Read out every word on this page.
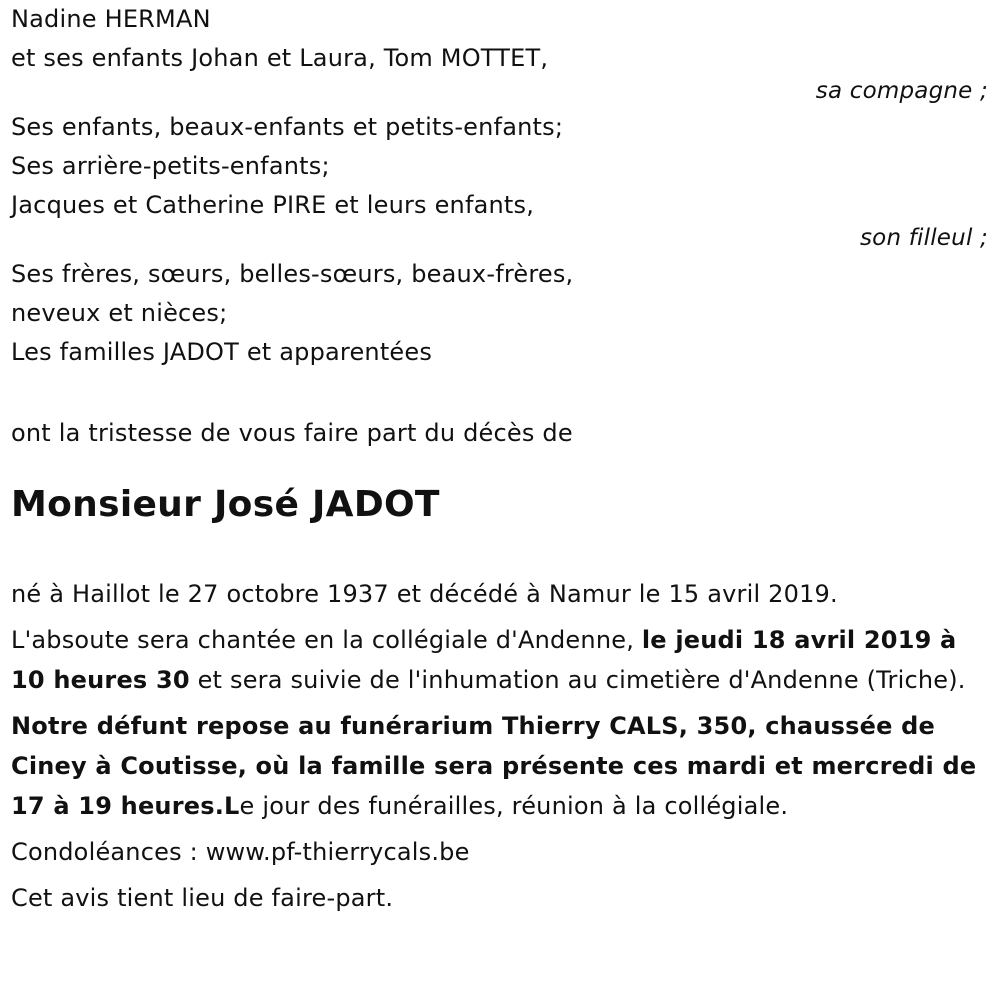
Nadine HERMAN
et ses enfants Johan et Laura, Tom MOTTET,
sa compagne ;
Ses enfants, beaux-enfants et petits-enfants;
Ses arrière-petits-enfants;
Jacques et Catherine PIRE et leurs enfants,
son filleul ;
Ses frères, sœurs, belles-sœurs, beaux-frères,
neveux et nièces;
Les familles JADOT et apparentées
ont la tristesse de vous faire part du décès de
Monsieur José JADOT

né à Haillot le 27 octobre 1937 et décédé à Namur le 15 avril 2019.

L'absoute sera chantée en la collégiale d'Andenne, le jeudi 18 avril 2019 à 10 heures 30 et sera suivie de l'inhumation au cimetière d'Andenne (Triche).

Notre défunt repose au funérarium Thierry CALS, 350, chaussée de Ciney à Coutisse, où la famille sera présente ces mardi et mercredi de 17 à 19 heures.Le jour des funérailles, réunion à la collégiale.

Condoléances : www.pf-thierrycals.be

Cet avis tient lieu de faire-part.
